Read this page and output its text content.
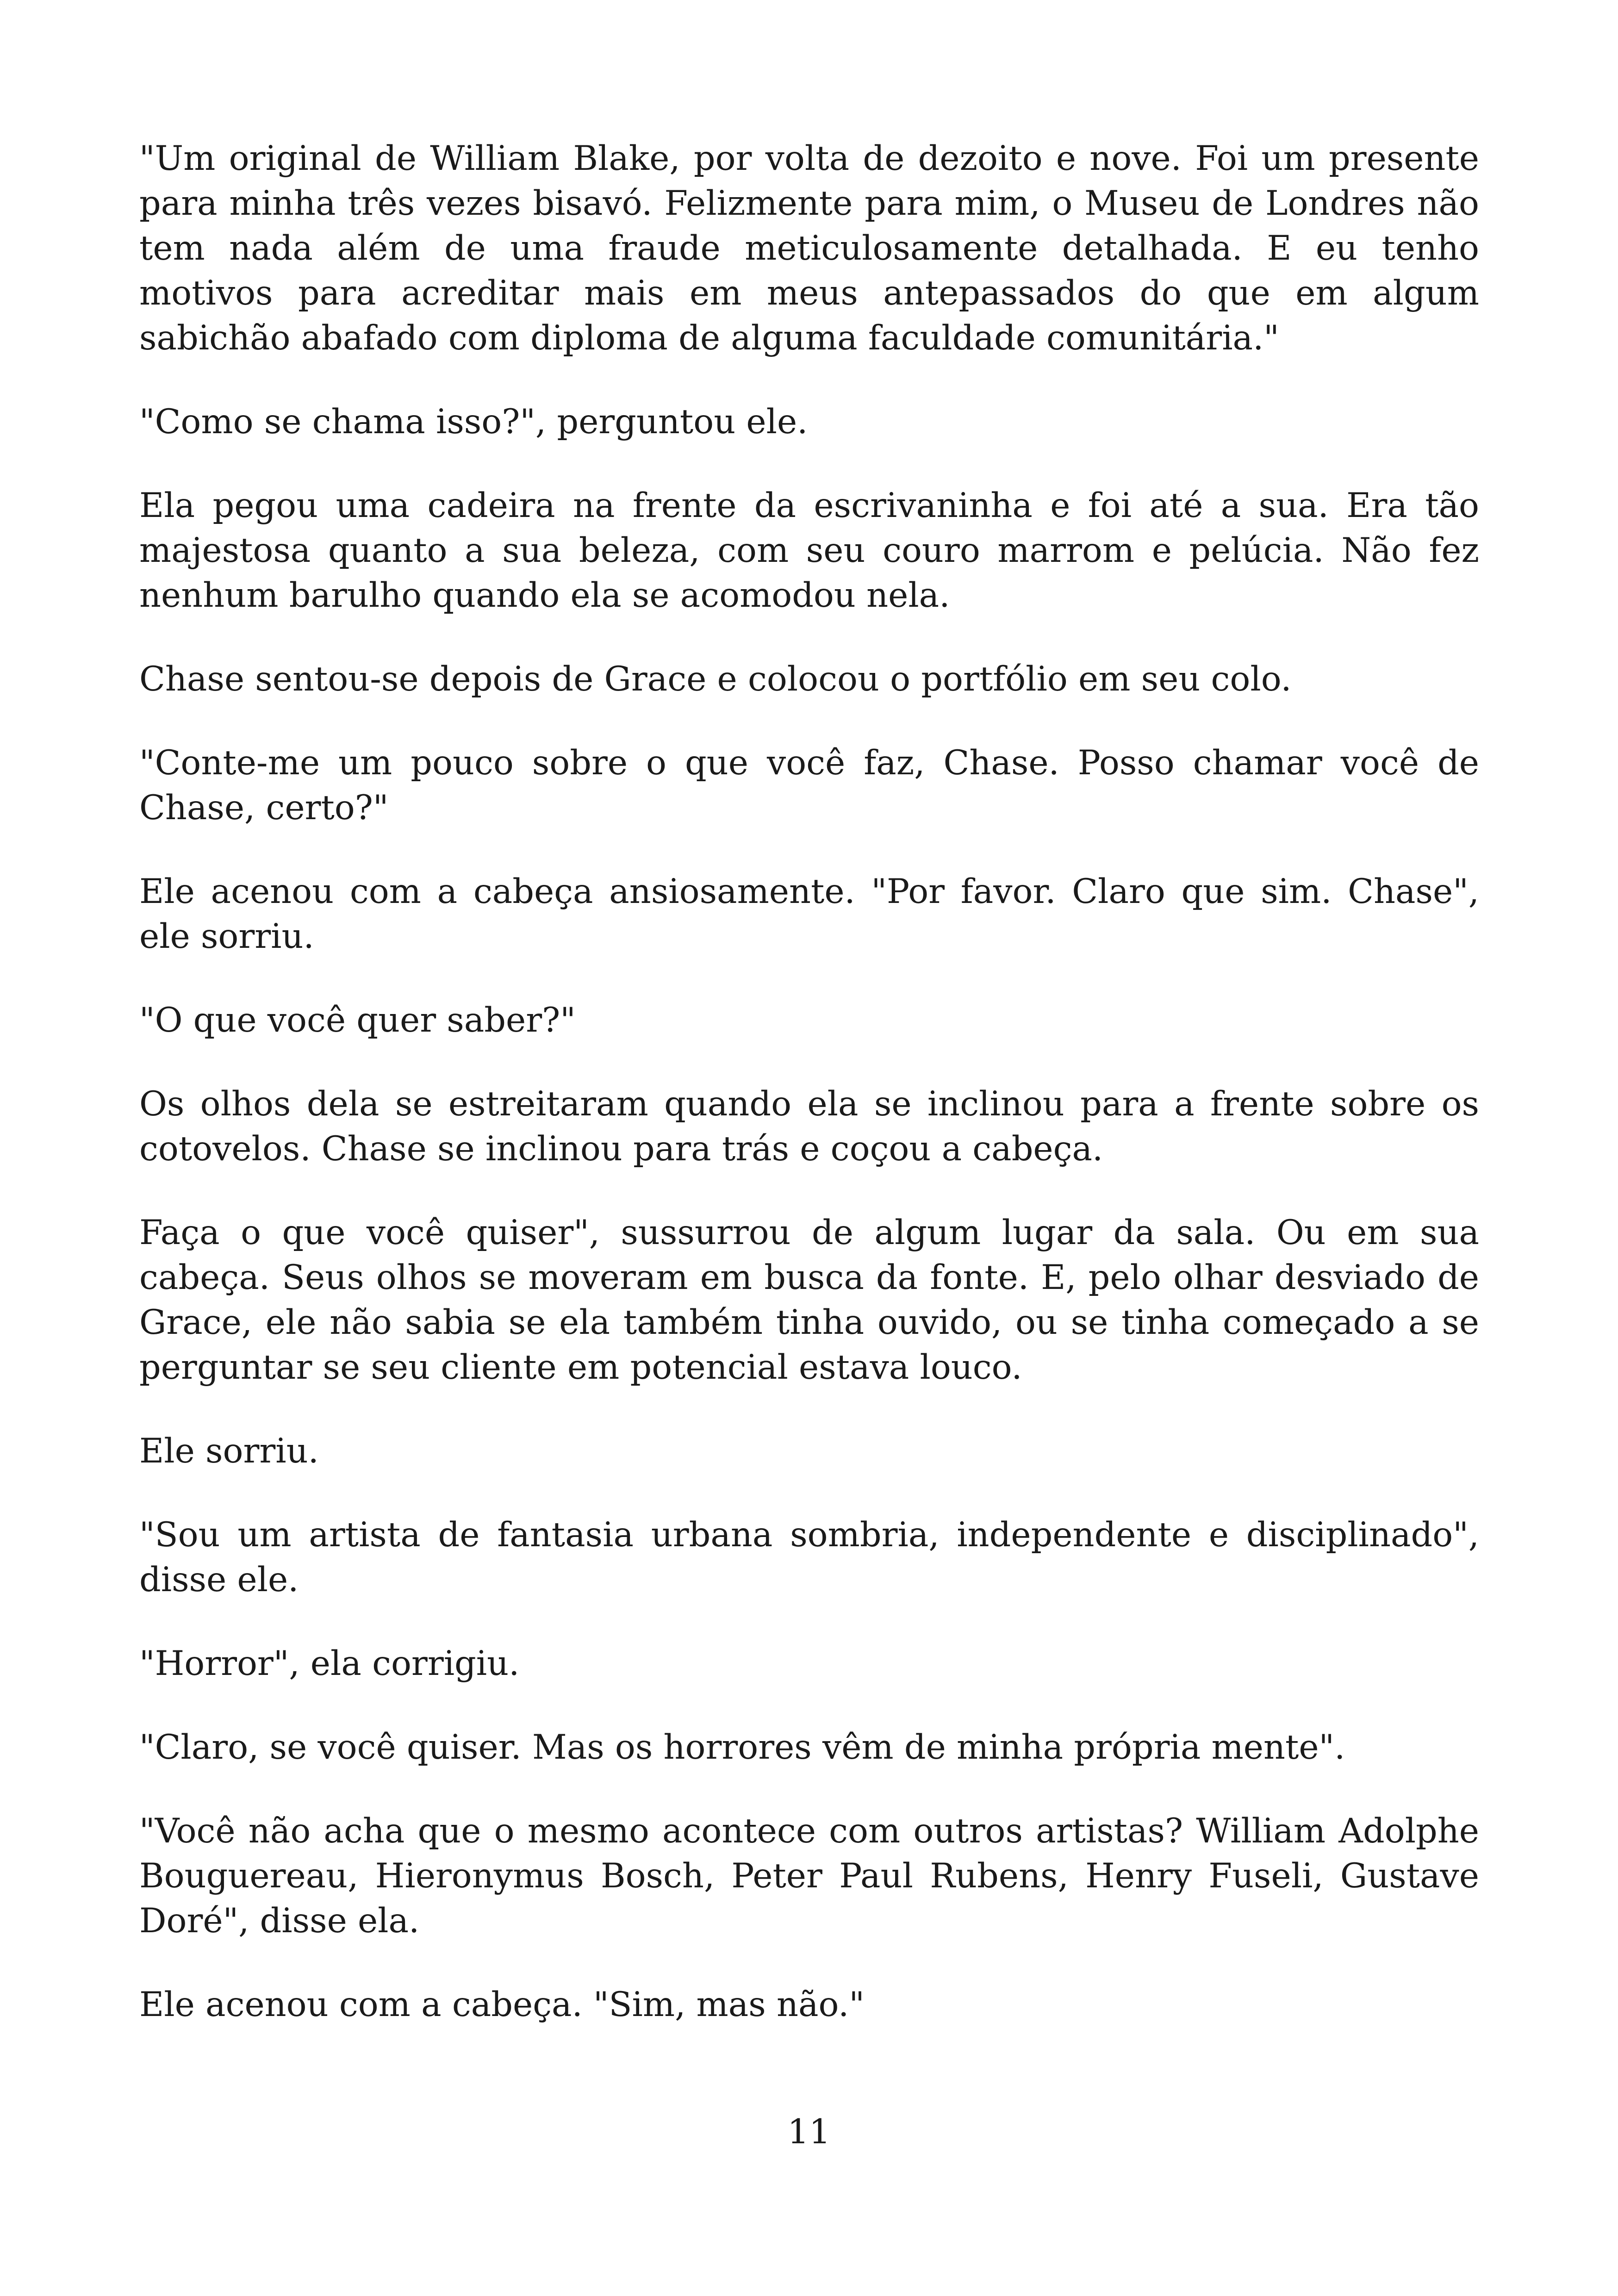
"Um original de William Blake, por volta de dezoito e nove. Foi um presente para minha três vezes bisavó. Felizmente para mim, o Museu de Londres não tem nada além de uma fraude meticulosamente detalhada. E eu tenho motivos para acreditar mais em meus antepassados do que em algum sabichão abafado com diploma de alguma faculdade comunitária."

"Como se chama isso?", perguntou ele.

Ela pegou uma cadeira na frente da escrivaninha e foi até a sua. Era tão majestosa quanto a sua beleza, com seu couro marrom e pelúcia. Não fez nenhum barulho quando ela se acomodou nela.

Chase sentou-se depois de Grace e colocou o portfólio em seu colo.

"Conte-me um pouco sobre o que você faz, Chase. Posso chamar você de Chase, certo?"

Ele acenou com a cabeça ansiosamente. "Por favor. Claro que sim. Chase", ele sorriu.

"O que você quer saber?"

Os olhos dela se estreitaram quando ela se inclinou para a frente sobre os cotovelos. Chase se inclinou para trás e coçou a cabeça.

Faça o que você quiser", sussurrou de algum lugar da sala. Ou em sua cabeça. Seus olhos se moveram em busca da fonte. E, pelo olhar desviado de Grace, ele não sabia se ela também tinha ouvido, ou se tinha começado a se perguntar se seu cliente em potencial estava louco.

Ele sorriu.

"Sou um artista de fantasia urbana sombria, independente e disciplinado", disse ele.

"Horror", ela corrigiu.

"Claro, se você quiser. Mas os horrores vêm de minha própria mente".

"Você não acha que o mesmo acontece com outros artistas? William Adolphe Bouguereau, Hieronymus Bosch, Peter Paul Rubens, Henry Fuseli, Gustave Doré", disse ela.

Ele acenou com a cabeça. "Sim, mas não."

11
